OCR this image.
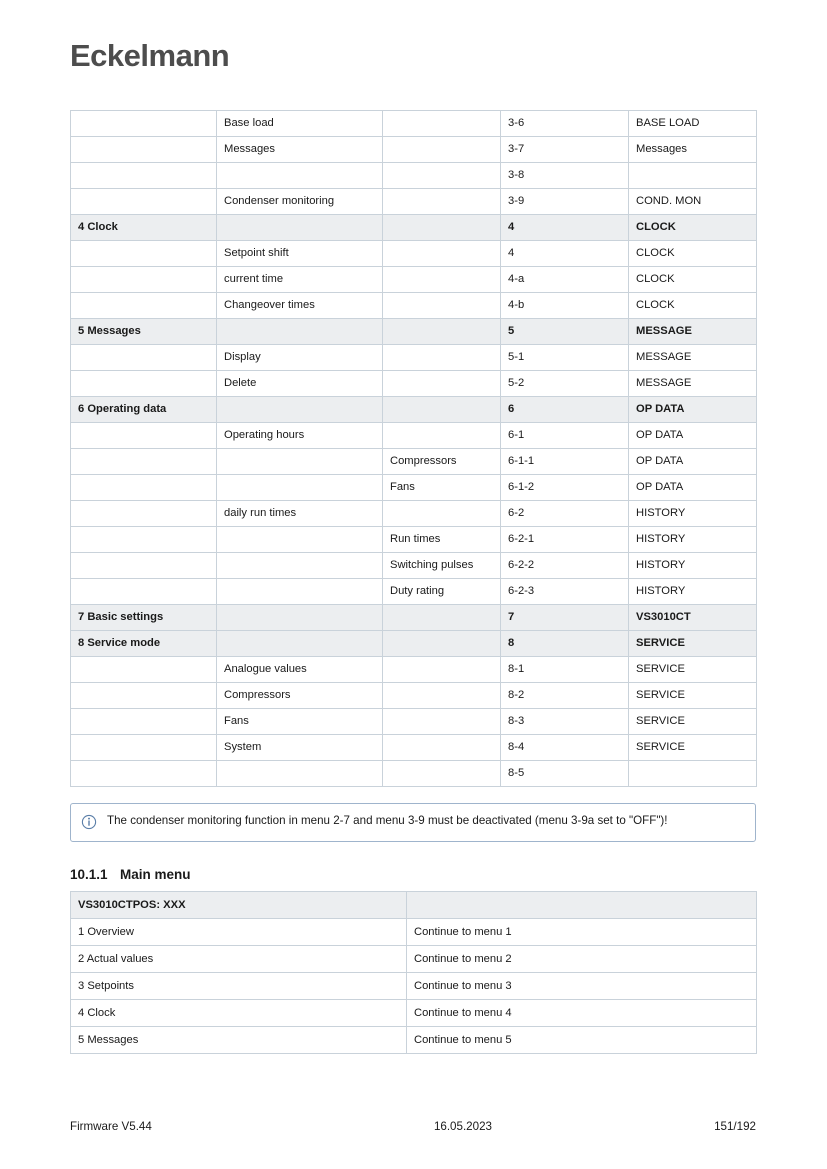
Eckelmann
	Base load		3-6	BASE LOAD
	Messages		3-7	Messages
			3-8	
	Condenser monitoring		3-9	COND. MON
4 Clock			4	CLOCK
	Setpoint shift		4	CLOCK
	current time		4-a	CLOCK
	Changeover times		4-b	CLOCK
5 Messages			5	MESSAGE
	Display		5-1	MESSAGE
	Delete		5-2	MESSAGE
6 Operating data			6	OP DATA
	Operating hours		6-1	OP DATA
		Compressors	6-1-1	OP DATA
		Fans	6-1-2	OP DATA
	daily run times		6-2	HISTORY
		Run times	6-2-1	HISTORY
		Switching pulses	6-2-2	HISTORY
		Duty rating	6-2-3	HISTORY
7 Basic settings			7	VS3010CT
8 Service mode			8	SERVICE
	Analogue values		8-1	SERVICE
	Compressors		8-2	SERVICE
	Fans		8-3	SERVICE
	System		8-4	SERVICE
			8-5	
The condenser monitoring function in menu 2-7 and menu 3-9 must be deactivated (menu 3-9a set to "OFF")!
10.1.1 Main menu
VS3010CTPOS: XXX	
1 Overview	Continue to menu 1
2 Actual values	Continue to menu 2
3 Setpoints	Continue to menu 3
4 Clock	Continue to menu 4
5 Messages	Continue to menu 5
Firmware V5.44	16.05.2023	151/192
